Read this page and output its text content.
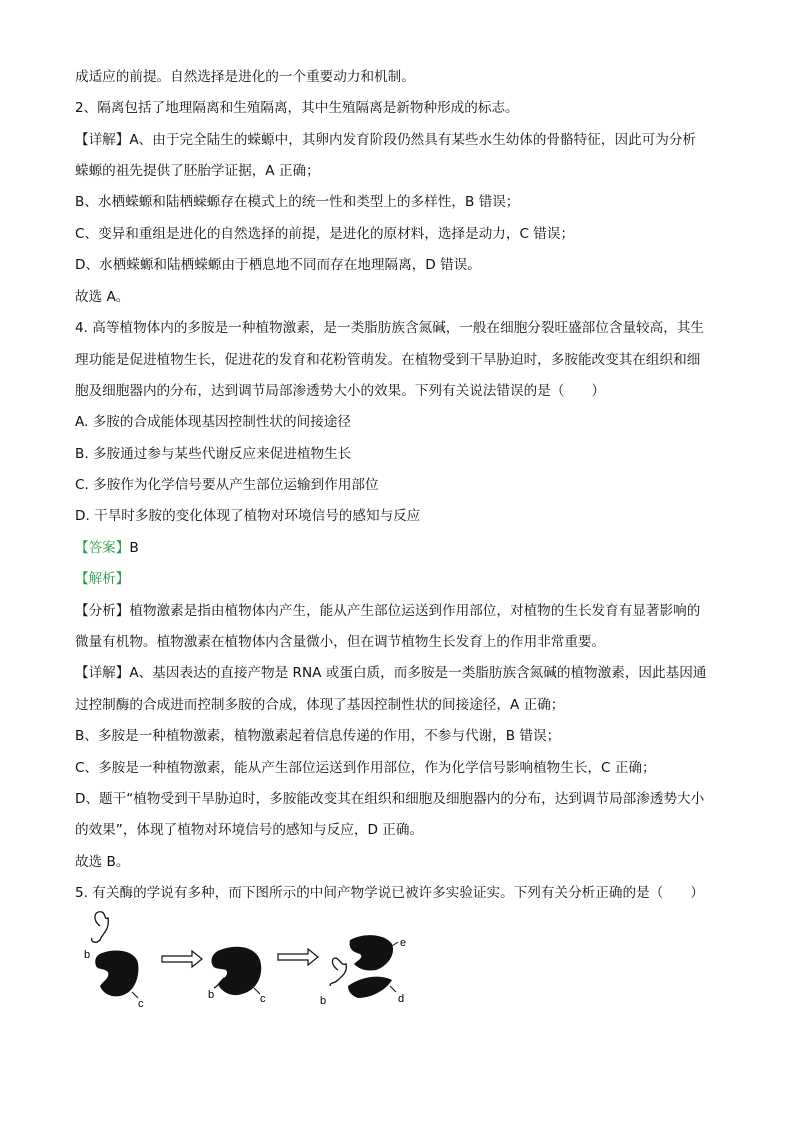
成适应的前提。自然选择是进化的一个重要动力和机制。
2、隔离包括了地理隔离和生殖隔离，其中生殖隔离是新物种形成的标志。
【详解】A、由于完全陆生的蝾螈中，其卵内发育阶段仍然具有某些水生幼体的骨骼特征，因此可为分析
蝾螈的祖先提供了胚胎学证据，A 正确；
B、水栖蝾螈和陆栖蝾螈存在模式上的统一性和类型上的多样性，B 错误；
C、变异和重组是进化的自然选择的前提，是进化的原材料，选择是动力，C 错误；
D、水栖蝾螈和陆栖蝾螈由于栖息地不同而存在地理隔离，D 错误。
故选 A。
4. 高等植物体内的多胺是一种植物激素，是一类脂肪族含氮碱，一般在细胞分裂旺盛部位含量较高，其生
理功能是促进植物生长，促进花的发育和花粉管萌发。在植物受到干旱胁迫时，多胺能改变其在组织和细
胞及细胞器内的分布，达到调节局部渗透势大小的效果。下列有关说法错误的是（　　）
A. 多胺的合成能体现基因控制性状的间接途径
B. 多胺通过参与某些代谢反应来促进植物生长
C. 多胺作为化学信号要从产生部位运输到作用部位
D. 干旱时多胺的变化体现了植物对环境信号的感知与反应
【答案】B
【解析】
【分析】植物激素是指由植物体内产生，能从产生部位运送到作用部位，对植物的生长发育有显著影响的
微量有机物。植物激素在植物体内含量微小，但在调节植物生长发育上的作用非常重要。
【详解】A、基因表达的直接产物是 RNA 或蛋白质，而多胺是一类脂肪族含氮碱的植物激素，因此基因通
过控制酶的合成进而控制多胺的合成，体现了基因控制性状的间接途径，A 正确；
B、多胺是一种植物激素，植物激素起着信息传递的作用，不参与代谢，B 错误；
C、多胺是一种植物激素，能从产生部位运送到作用部位，作为化学信号影响植物生长，C 正确；
D、题干“植物受到干旱胁迫时，多胺能改变其在组织和细胞及细胞器内的分布，达到调节局部渗透势大小
的效果”，体现了植物对环境信号的感知与反应，D 正确。
故选 B。
5. 有关酶的学说有多种，而下图所示的中间产物学说已被许多实验证实。下列有关分析正确的是（　　）
b
c
b	c	b
e
d
